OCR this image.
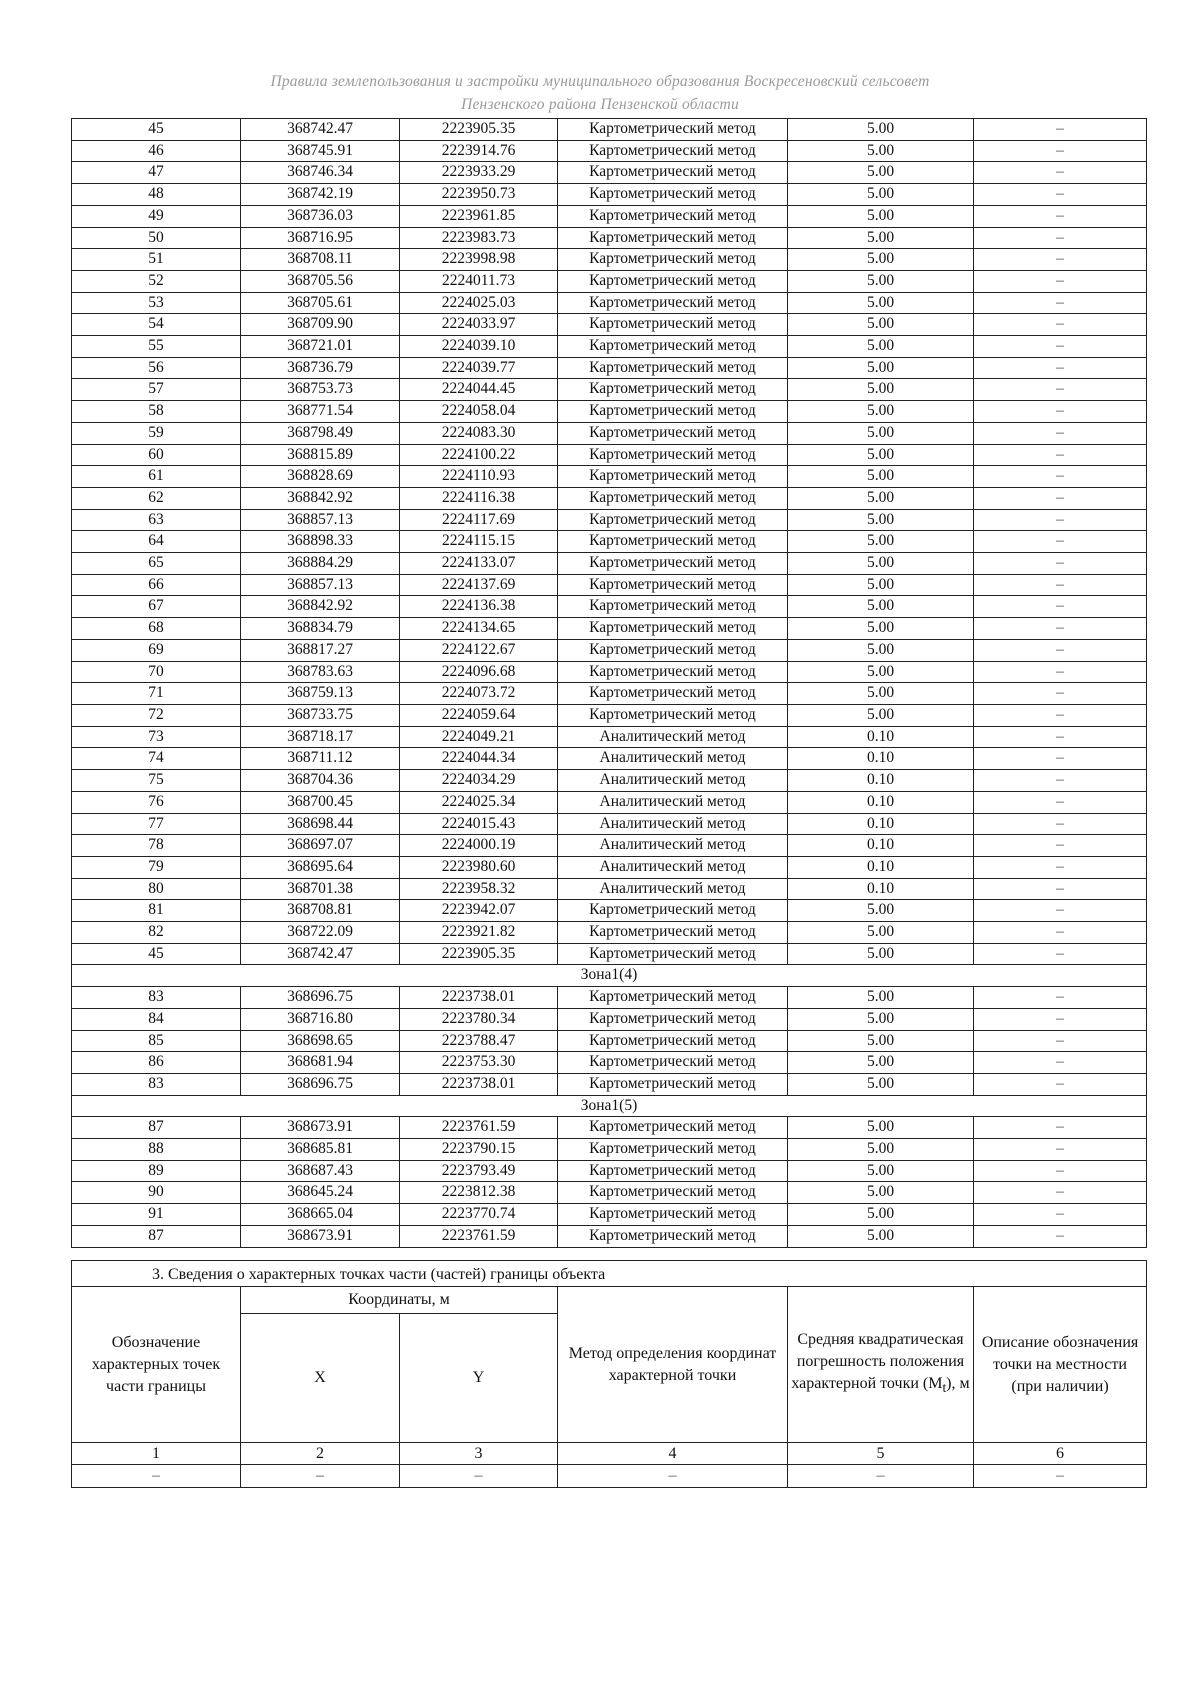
Правила землепользования и застройки муниципального образования Воскресеновский сельсовет
Пензенского района Пензенской области
45	368742.47	2223905.35	Картометрический метод	5.00	–
46	368745.91	2223914.76	Картометрический метод	5.00	–
47	368746.34	2223933.29	Картометрический метод	5.00	–
48	368742.19	2223950.73	Картометрический метод	5.00	–
49	368736.03	2223961.85	Картометрический метод	5.00	–
50	368716.95	2223983.73	Картометрический метод	5.00	–
51	368708.11	2223998.98	Картометрический метод	5.00	–
52	368705.56	2224011.73	Картометрический метод	5.00	–
53	368705.61	2224025.03	Картометрический метод	5.00	–
54	368709.90	2224033.97	Картометрический метод	5.00	–
55	368721.01	2224039.10	Картометрический метод	5.00	–
56	368736.79	2224039.77	Картометрический метод	5.00	–
57	368753.73	2224044.45	Картометрический метод	5.00	–
58	368771.54	2224058.04	Картометрический метод	5.00	–
59	368798.49	2224083.30	Картометрический метод	5.00	–
60	368815.89	2224100.22	Картометрический метод	5.00	–
61	368828.69	2224110.93	Картометрический метод	5.00	–
62	368842.92	2224116.38	Картометрический метод	5.00	–
63	368857.13	2224117.69	Картометрический метод	5.00	–
64	368898.33	2224115.15	Картометрический метод	5.00	–
65	368884.29	2224133.07	Картометрический метод	5.00	–
66	368857.13	2224137.69	Картометрический метод	5.00	–
67	368842.92	2224136.38	Картометрический метод	5.00	–
68	368834.79	2224134.65	Картометрический метод	5.00	–
69	368817.27	2224122.67	Картометрический метод	5.00	–
70	368783.63	2224096.68	Картометрический метод	5.00	–
71	368759.13	2224073.72	Картометрический метод	5.00	–
72	368733.75	2224059.64	Картометрический метод	5.00	–
73	368718.17	2224049.21	Аналитический метод	0.10	–
74	368711.12	2224044.34	Аналитический метод	0.10	–
75	368704.36	2224034.29	Аналитический метод	0.10	–
76	368700.45	2224025.34	Аналитический метод	0.10	–
77	368698.44	2224015.43	Аналитический метод	0.10	–
78	368697.07	2224000.19	Аналитический метод	0.10	–
79	368695.64	2223980.60	Аналитический метод	0.10	–
80	368701.38	2223958.32	Аналитический метод	0.10	–
81	368708.81	2223942.07	Картометрический метод	5.00	–
82	368722.09	2223921.82	Картометрический метод	5.00	–
45	368742.47	2223905.35	Картометрический метод	5.00	–
Зона1(4)					
83	368696.75	2223738.01	Картометрический метод	5.00	–
84	368716.80	2223780.34	Картометрический метод	5.00	–
85	368698.65	2223788.47	Картометрический метод	5.00	–
86	368681.94	2223753.30	Картометрический метод	5.00	–
83	368696.75	2223738.01	Картометрический метод	5.00	–
Зона1(5)					
87	368673.91	2223761.59	Картометрический метод	5.00	–
88	368685.81	2223790.15	Картометрический метод	5.00	–
89	368687.43	2223793.49	Картометрический метод	5.00	–
90	368645.24	2223812.38	Картометрический метод	5.00	–
91	368665.04	2223770.74	Картометрический метод	5.00	–
87	368673.91	2223761.59	Картометрический метод	5.00	–
3. Сведения о характерных точках части (частей) границы объекта					
Обозначение характерных точек части границы	Координаты, м		Метод определения координат характерной точки	Средняя квадратическая погрешность положения характерной точки $(M_t)$, м	Описание обозначения точки на местности (при наличии)
	X	Y			
1	2	3	4	5	6
–	–	–	–	–	–
